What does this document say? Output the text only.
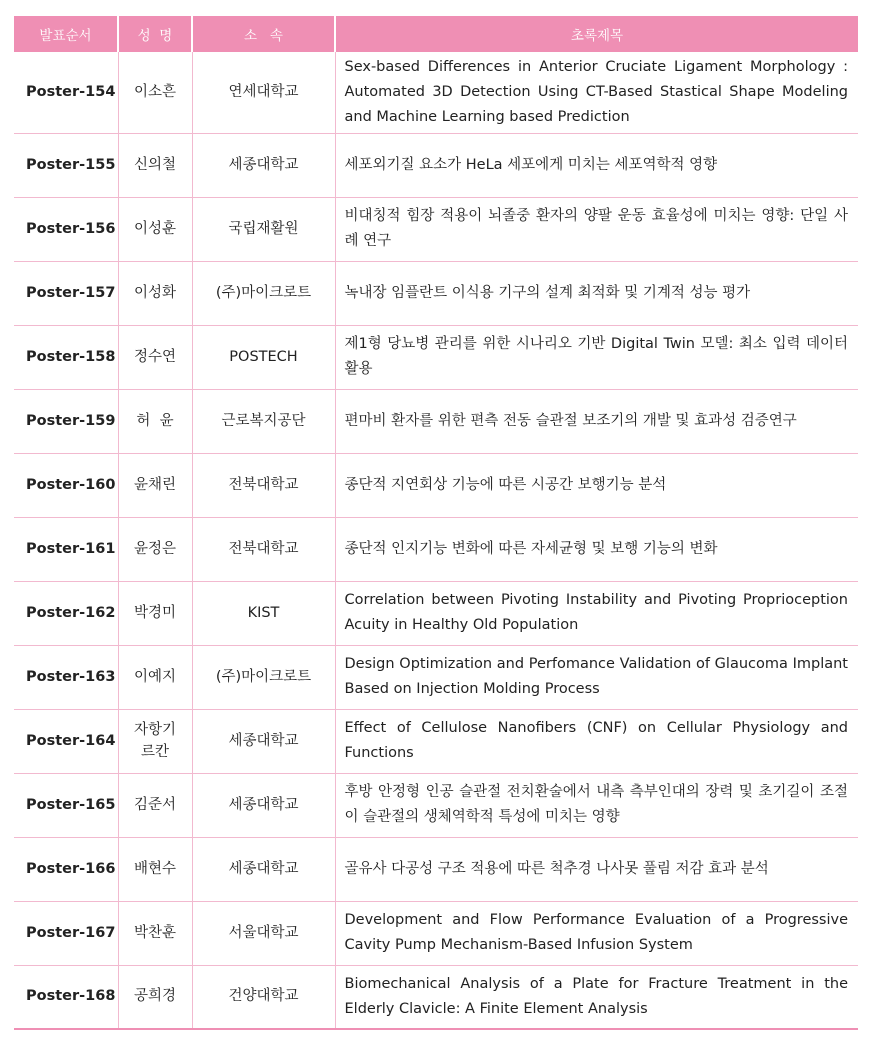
발표순서	성  명	소   속	초록제목
Poster-154	이소흔	연세대학교	Sex-based Differences in Anterior Cruciate Ligament Morphology : Automated 3D Detection Using CT-Based Stastical Shape Modeling and Machine Learning based Prediction
Poster-155	신의철	세종대학교	세포외기질 요소가 HeLa 세포에게 미치는 세포역학적 영향
Poster-156	이성훈	국립재활원	비대칭적 힘장 적용이 뇌졸중 환자의 양팔 운동 효율성에 미치는 영향: 단일 사례 연구
Poster-157	이성화	(주)마이크로트	녹내장 임플란트 이식용 기구의 설계 최적화 및 기계적 성능 평가
Poster-158	정수연	POSTECH	제1형 당뇨병 관리를 위한 시나리오 기반 Digital Twin 모델: 최소 입력 데이터 활용
Poster-159	허  윤	근로복지공단	편마비 환자를 위한 편측 전동 슬관절 보조기의 개발 및 효과성 검증연구
Poster-160	윤채린	전북대학교	종단적 지연회상 기능에 따른 시공간 보행기능 분석
Poster-161	윤정은	전북대학교	종단적 인지기능 변화에 따른 자세균형 및 보행 기능의 변화
Poster-162	박경미	KIST	Correlation between Pivoting Instability and Pivoting Proprioception Acuity in Healthy Old Population
Poster-163	이예지	(주)마이크로트	Design Optimization and Perfomance Validation of Glaucoma Implant Based on Injection Molding Process
Poster-164	자항기르칸	세종대학교	Effect of Cellulose Nanofibers (CNF) on Cellular Physiology and Functions
Poster-165	김준서	세종대학교	후방 안정형 인공 슬관절 전치환술에서 내측 측부인대의 장력 및 초기길이 조절이 슬관절의 생체역학적 특성에 미치는 영향
Poster-166	배현수	세종대학교	골유사 다공성 구조 적용에 따른 척추경 나사못 풀림 저감 효과 분석
Poster-167	박찬훈	서울대학교	Development and Flow Performance Evaluation of a Progressive Cavity Pump Mechanism-Based Infusion System
Poster-168	공희경	건양대학교	Biomechanical Analysis of a Plate for Fracture Treatment in the Elderly Clavicle: A Finite Element Analysis
